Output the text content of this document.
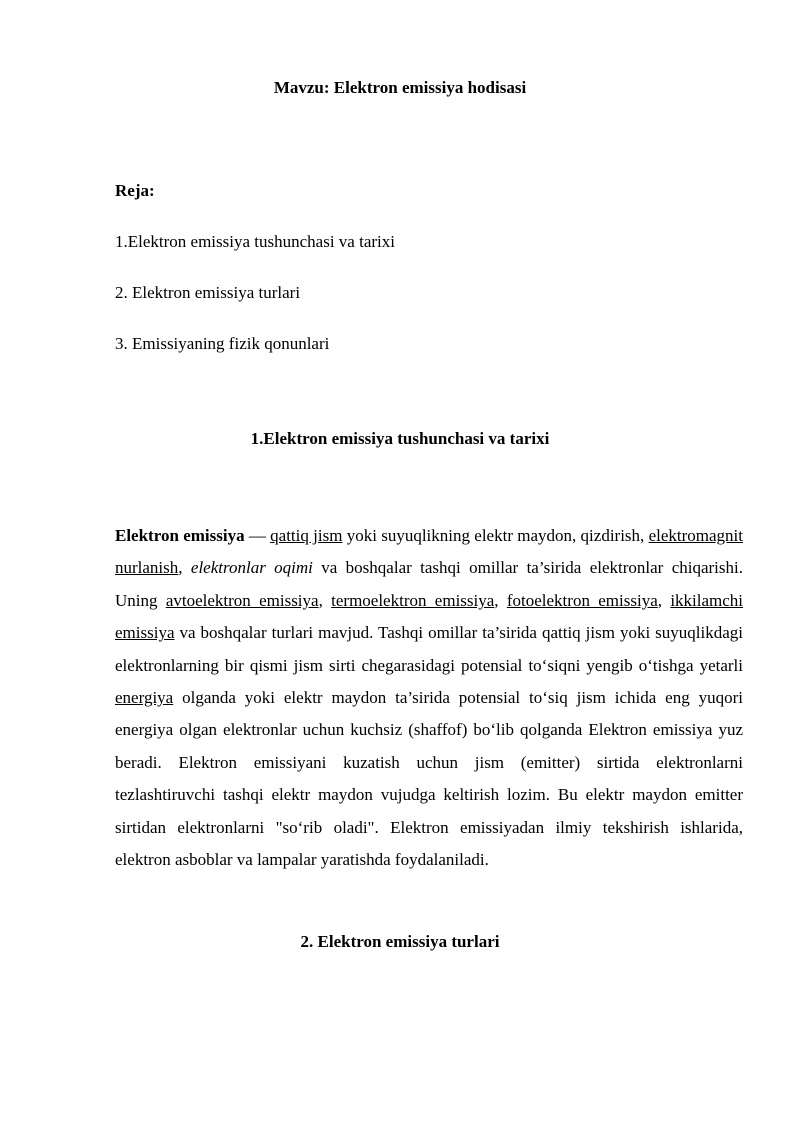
Mavzu: Elektron emissiya hodisasi

Reja:

1.Elektron emissiya tushunchasi va tarixi

2. Elektron emissiya turlari

3. Emissiyaning fizik qonunlari

1.Elektron emissiya tushunchasi va tarixi

Elektron emissiya — qattiq jism yoki suyuqlikning elektr maydon, qizdirish, elektromagnit nurlanish, elektronlar oqimi va boshqalar tashqi omillar ta’sirida elektronlar chiqarishi. Uning avtoelektron emissiya, termoelektron emissiya, fotoelektron emissiya, ikkilamchi emissiya va boshqalar turlari mavjud. Tashqi omillar ta’sirida qattiq jism yoki suyuqlikdagi elektronlarning bir qismi jism sirti chegarasidagi potensial to‘siqni yengib o‘tishga yetarli energiya olganda yoki elektr maydon ta’sirida potensial to‘siq jism ichida eng yuqori energiya olgan elektronlar uchun kuchsiz (shaffof) bo‘lib qolganda Elektron emissiya yuz beradi. Elektron emissiyani kuzatish uchun jism (emitter) sirtida elektronlarni tezlashtiruvchi tashqi elektr maydon vujudga keltirish lozim. Bu elektr maydon emitter sirtidan elektronlarni "so‘rib oladi". Elektron emissiyadan ilmiy tekshirish ishlarida, elektron asboblar va lampalar yaratishda foydalaniladi.

2. Elektron emissiya turlari
